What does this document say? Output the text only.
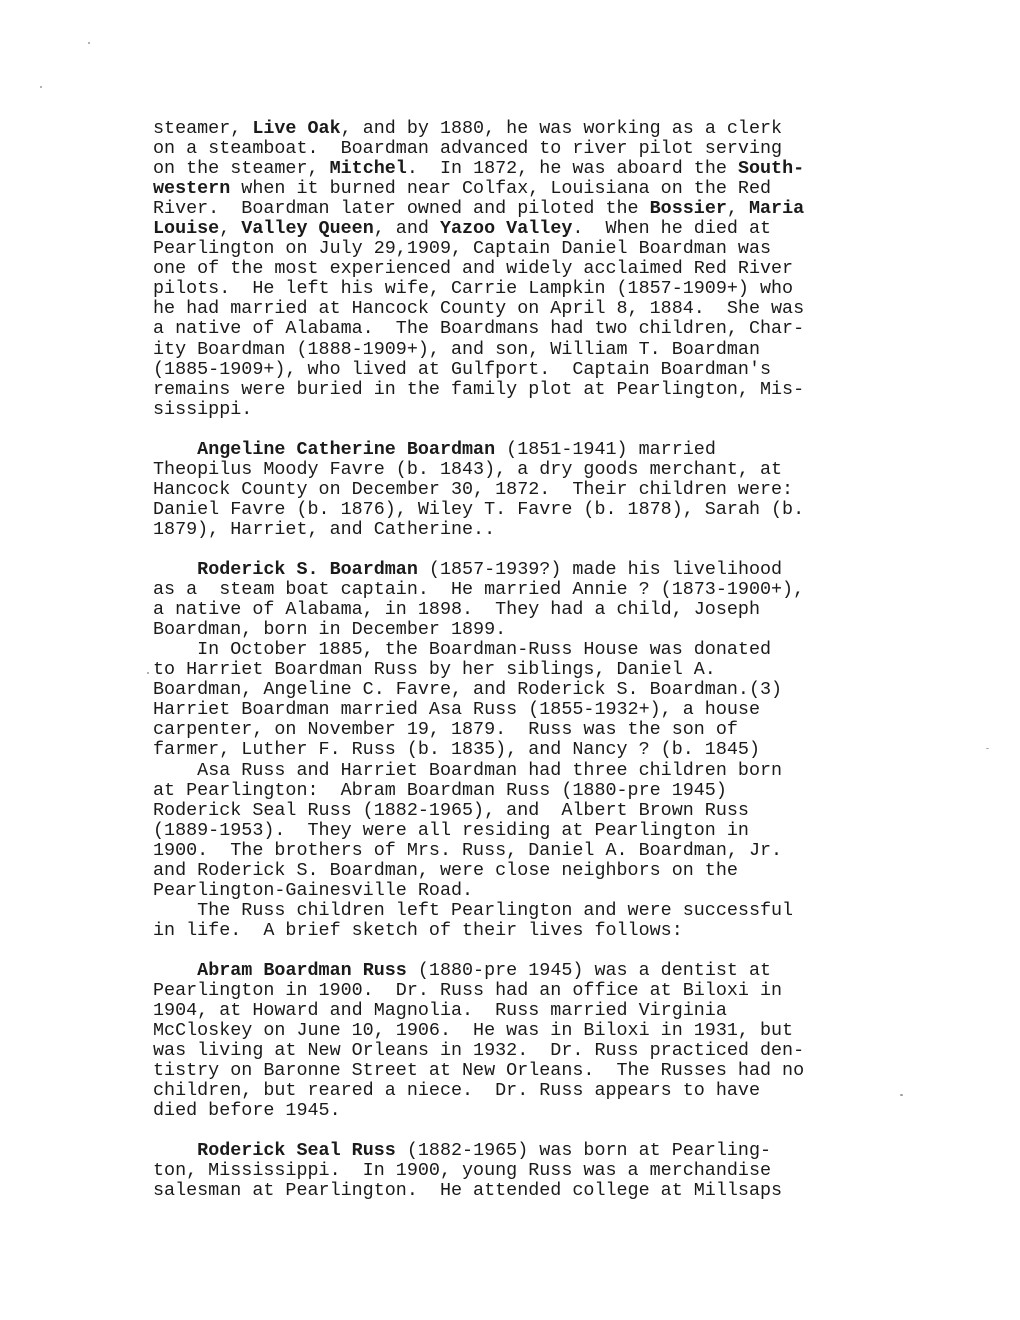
steamer, Live Oak, and by 1880, he was working as a clerk
on a steamboat.  Boardman advanced to river pilot serving
on the steamer, Mitchel.  In 1872, he was aboard the South-
western when it burned near Colfax, Louisiana on the Red
River.  Boardman later owned and piloted the Bossier, Maria
Louise, Valley Queen, and Yazoo Valley.  When he died at
Pearlington on July 29,1909, Captain Daniel Boardman was
one of the most experienced and widely acclaimed Red River
pilots.  He left his wife, Carrie Lampkin (1857-1909+) who
he had married at Hancock County on April 8, 1884.  She was
a native of Alabama.  The Boardmans had two children, Char-
ity Boardman (1888-1909+), and son, William T. Boardman
(1885-1909+), who lived at Gulfport.  Captain Boardman's
remains were buried in the family plot at Pearlington, Mis-
sissippi.
Angeline Catherine Boardman (1851-1941) married
Theopilus Moody Favre (b. 1843), a dry goods merchant, at
Hancock County on December 30, 1872.  Their children were:
Daniel Favre (b. 1876), Wiley T. Favre (b. 1878), Sarah (b.
1879), Harriet, and Catherine..
Roderick S. Boardman (1857-1939?) made his livelihood
as a  steam boat captain.  He married Annie ? (1873-1900+),
a native of Alabama, in 1898.  They had a child, Joseph
Boardman, born in December 1899.
In October 1885, the Boardman-Russ House was donated
to Harriet Boardman Russ by her siblings, Daniel A.
Boardman, Angeline C. Favre, and Roderick S. Boardman.(3)
Harriet Boardman married Asa Russ (1855-1932+), a house
carpenter, on November 19, 1879.  Russ was the son of
farmer, Luther F. Russ (b. 1835), and Nancy ? (b. 1845)
Asa Russ and Harriet Boardman had three children born
at Pearlington:  Abram Boardman Russ (1880-pre 1945)
Roderick Seal Russ (1882-1965), and  Albert Brown Russ
(1889-1953).  They were all residing at Pearlington in
1900.  The brothers of Mrs. Russ, Daniel A. Boardman, Jr.
and Roderick S. Boardman, were close neighbors on the
Pearlington-Gainesville Road.
The Russ children left Pearlington and were successful
in life.  A brief sketch of their lives follows:
Abram Boardman Russ (1880-pre 1945) was a dentist at
Pearlington in 1900.  Dr. Russ had an office at Biloxi in
1904, at Howard and Magnolia.  Russ married Virginia
McCloskey on June 10, 1906.  He was in Biloxi in 1931, but
was living at New Orleans in 1932.  Dr. Russ practiced den-
tistry on Baronne Street at New Orleans.  The Russes had no
children, but reared a niece.  Dr. Russ appears to have
died before 1945.
Roderick Seal Russ (1882-1965) was born at Pearling-
ton, Mississippi.  In 1900, young Russ was a merchandise
salesman at Pearlington.  He attended college at Millsaps
